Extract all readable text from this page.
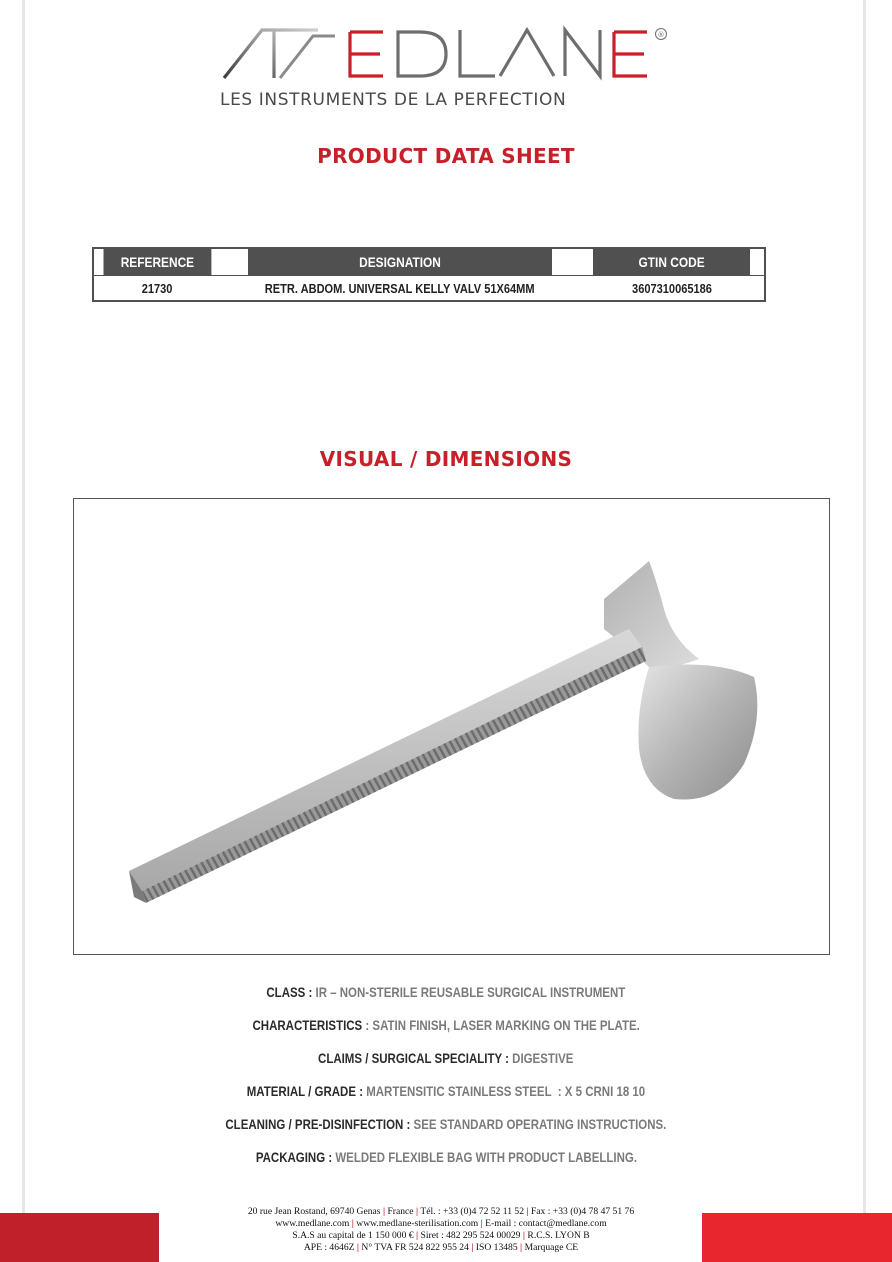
®
LES INSTRUMENTS DE LA PERFECTION
PRODUCT DATA SHEET
REFERENCE	DESIGNATION	GTIN CODE
21730	RETR. ABDOM. UNIVERSAL KELLY VALV 51X64MM	3607310065186
VISUAL / DIMENSIONS
CLASS : IR – NON-STERILE REUSABLE SURGICAL INSTRUMENT
CHARACTERISTICS : SATIN FINISH, LASER MARKING ON THE PLATE.
CLAIMS / SURGICAL SPECIALITY : DIGESTIVE
MATERIAL / GRADE : MARTENSITIC STAINLESS STEEL  : X 5 CRNI 18 10
CLEANING / PRE-DISINFECTION : SEE STANDARD OPERATING INSTRUCTIONS.
PACKAGING : WELDED FLEXIBLE BAG WITH PRODUCT LABELLING.
20 rue Jean Rostand, 69740 Genas | France | Tél. : +33 (0)4 72 52 11 52 | Fax : +33 (0)4 78 47 51 76
www.medlane.com | www.medlane-sterilisation.com | E-mail : contact@medlane.com
S.A.S au capital de 1 150 000 € | Siret : 482 295 524 00029 | R.C.S. LYON B
APE : 4646Z | N° TVA FR 524 822 955 24 | ISO 13485 | Marquage CE
